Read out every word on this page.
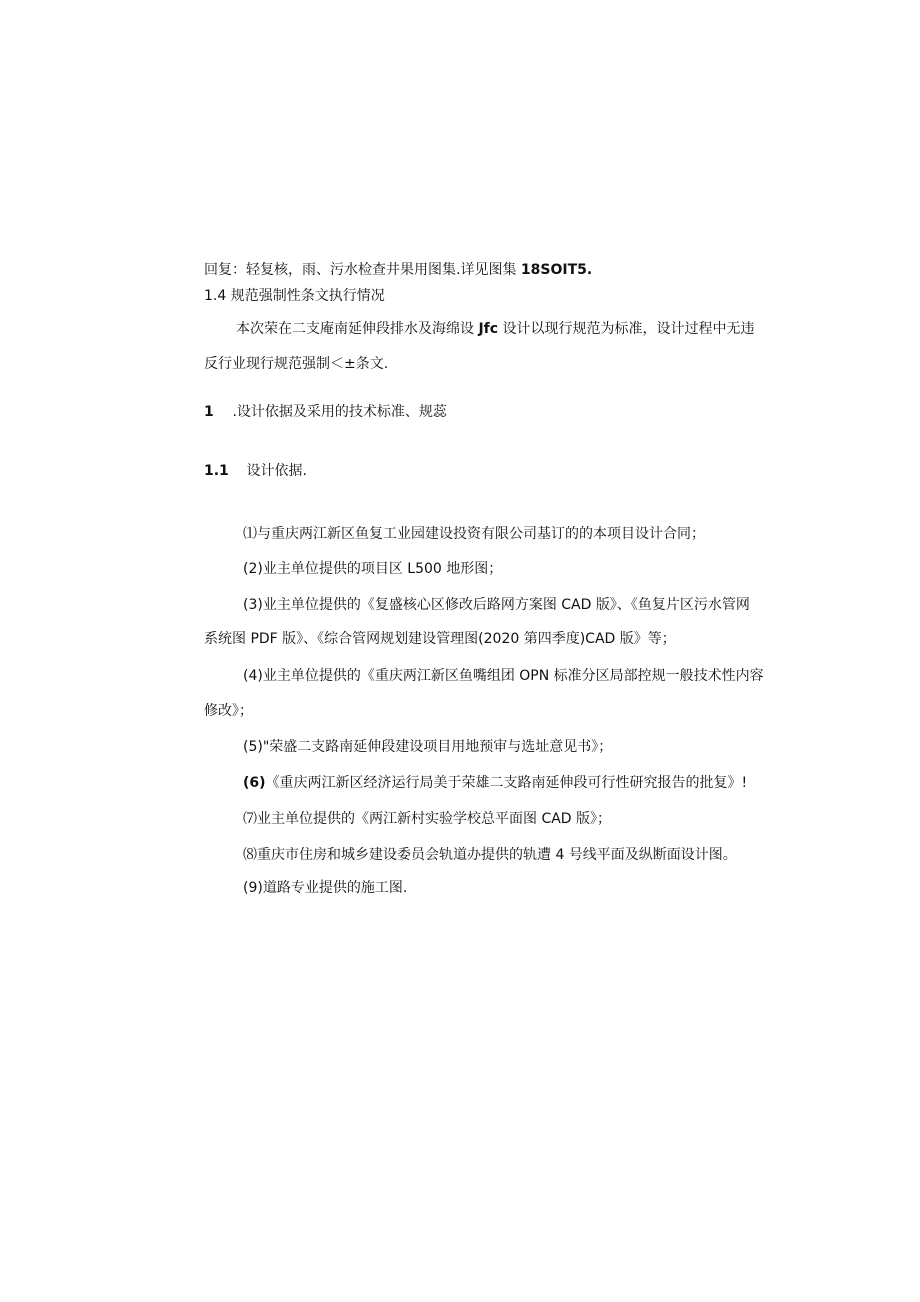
回复：轻复核，雨、污水检查井果用图集.详见图集 18SOIT5.
1.4 规范强制性条文执行情况
本次荣在二支庵南延伸段排水及海绵设 Jfc 设计以现行规范为标准，设计过程中无违
反行业现行规范强制＜±条文.
1 .设计依据及采用的技术标准、规蕊
1.1 设计依据.
⑴与重庆两江新区鱼复工业园建设投资有限公司基订的的本项目设计合同；
(2)业主单位提供的项目区 L500 地形图；
(3)业主单位提供的《复盛核心区修改后路网方案图 CAD 版》、《鱼复片区污水管网
系统图 PDF 版》、《综合管网规划建设管理图(2020 第四季度)CAD 版》等；
(4)业主单位提供的《重庆两江新区鱼嘴组团 OPN 标准分区局部控规一般技术性内容
修改》；
(5)"荣盛二支路南延伸段建设项目用地预审与选址意见书》；
(6)《重庆两江新区经济运行局美于荣雄二支路南延伸段可行性研究报告的批复》!
⑺业主单位提供的《两江新村实验学校总平面图 CAD 版》；
⑻重庆市住房和城乡建设委员会轨道办提供的轨遭 4 号线平面及纵断面设计图。
(9)道路专业提供的施工图.
